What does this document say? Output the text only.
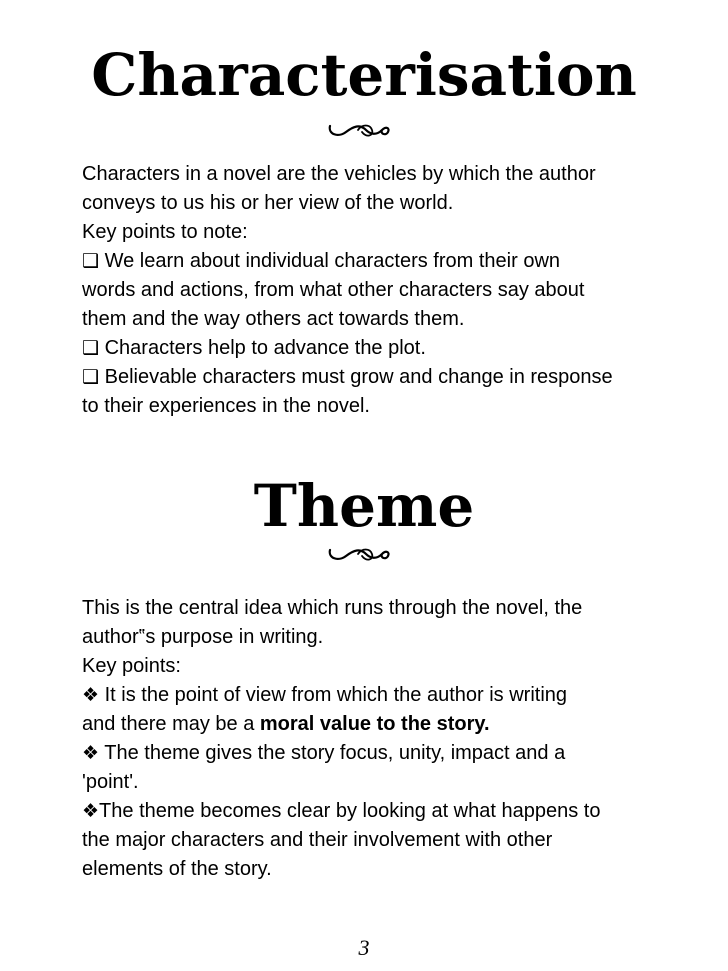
Characterisation
Characters in a novel are the vehicles by which the author
conveys to us his or her view of the world.
Key points to note:
❑ We learn about individual characters from their own
words and actions, from what other characters say about
them and the way others act towards them.
❑ Characters help to advance the plot.
❑ Believable characters must grow and change in response
to their experiences in the novel.
Theme
This is the central idea which runs through the novel, the
author‟s purpose in writing.
Key points:
❖ It is the point of view from which the author is writing
and there may be a moral value to the story.
❖ The theme gives the story focus, unity, impact and a
'point'.
❖The theme becomes clear by looking at what happens to
the major characters and their involvement with other
elements of the story.
3
